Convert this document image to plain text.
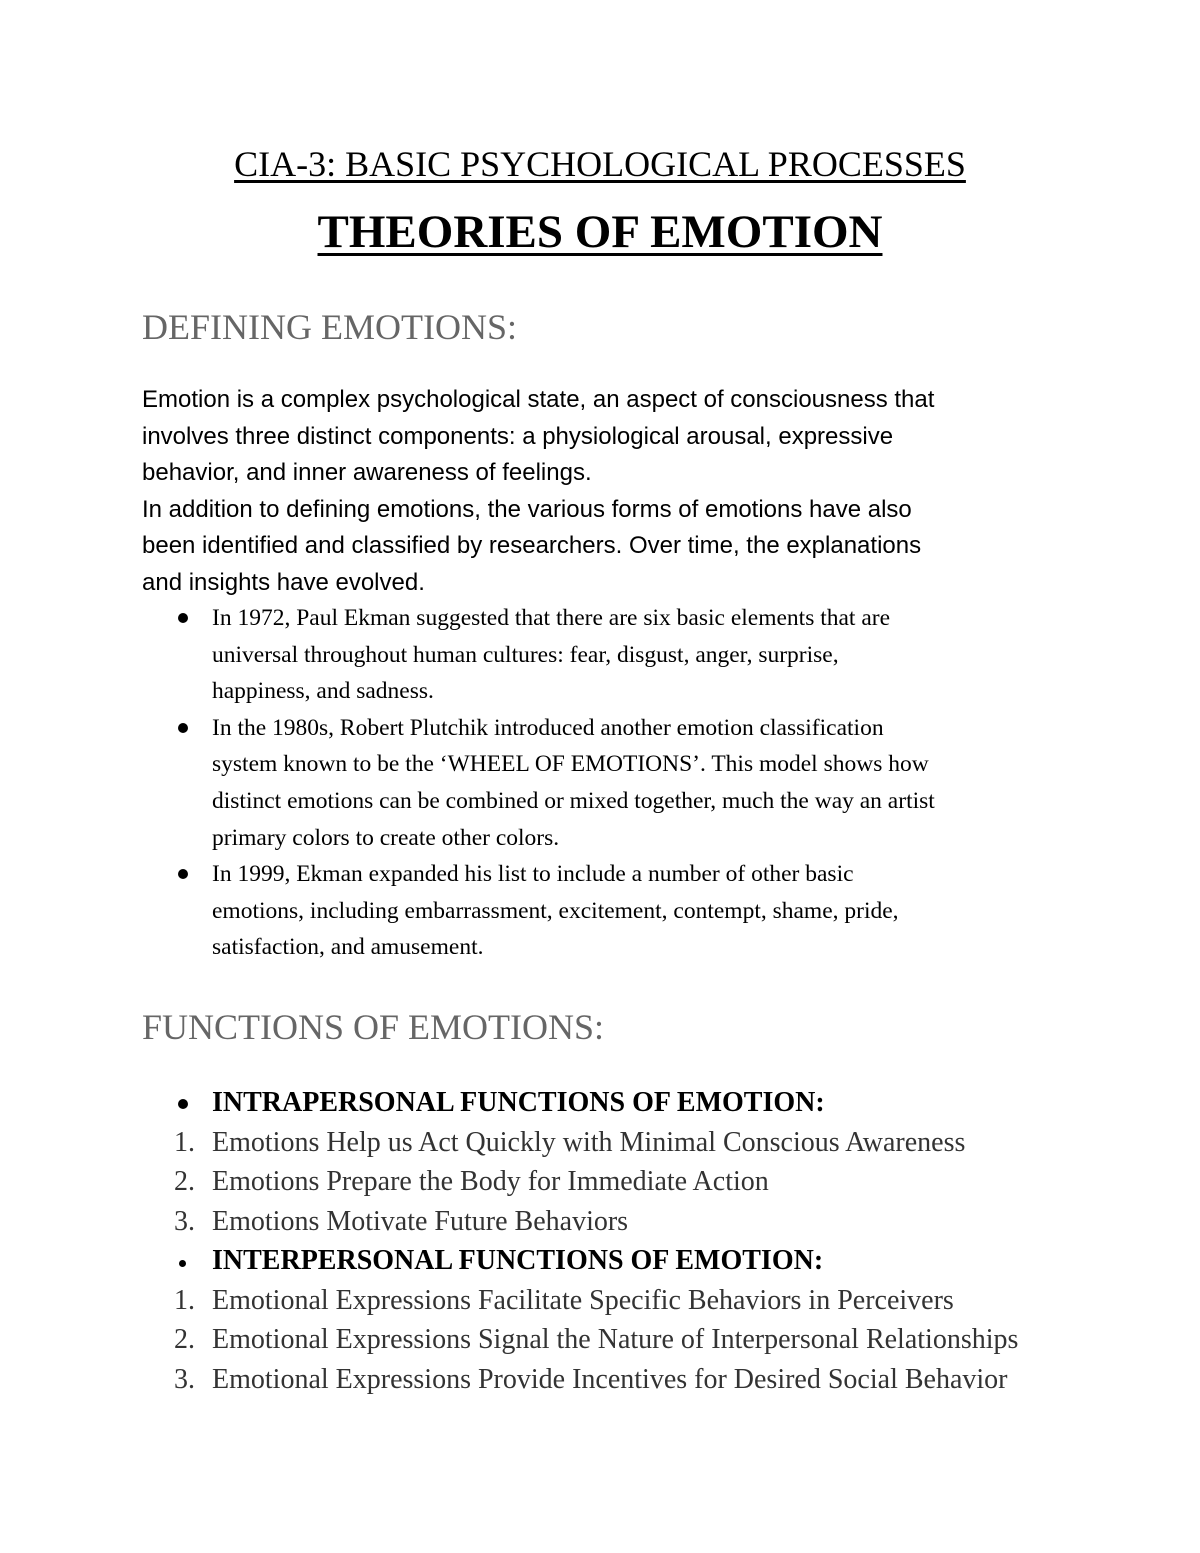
CIA-3: BASIC PSYCHOLOGICAL PROCESSES
THEORIES OF EMOTION
DEFINING EMOTIONS:
Emotion is a complex psychological state, an aspect of consciousness that
involves three distinct components: a physiological arousal, expressive
behavior, and inner awareness of feelings.
In addition to defining emotions, the various forms of emotions have also
been identified and classified by researchers. Over time, the explanations
and insights have evolved.
In 1972, Paul Ekman suggested that there are six basic elements that are
universal throughout human cultures: fear, disgust, anger, surprise,
happiness, and sadness.
In the 1980s, Robert Plutchik introduced another emotion classification
system known to be the ‘WHEEL OF EMOTIONS’. This model shows how
distinct emotions can be combined or mixed together, much the way an artist
primary colors to create other colors.
In 1999, Ekman expanded his list to include a number of other basic
emotions, including embarrassment, excitement, contempt, shame, pride,
satisfaction, and amusement.
FUNCTIONS OF EMOTIONS:
INTRAPERSONAL FUNCTIONS OF EMOTION:
1. Emotions Help us Act Quickly with Minimal Conscious Awareness
2. Emotions Prepare the Body for Immediate Action
3. Emotions Motivate Future Behaviors
INTERPERSONAL FUNCTIONS OF EMOTION:
1. Emotional Expressions Facilitate Specific Behaviors in Perceivers
2. Emotional Expressions Signal the Nature of Interpersonal Relationships
3. Emotional Expressions Provide Incentives for Desired Social Behavior
